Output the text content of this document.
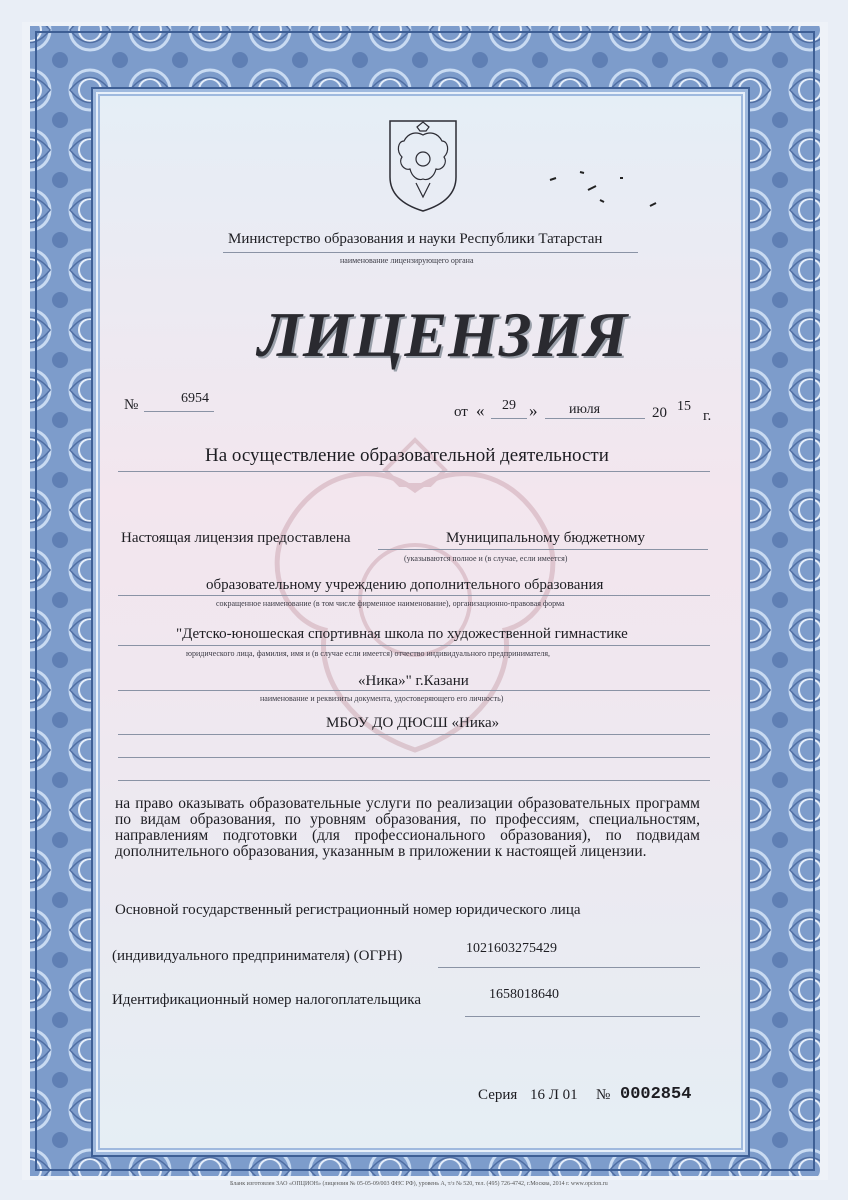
Министерство образования и науки Республики Татарстан
наименование лицензирующего органа
ЛИЦЕНЗИЯ
№	6954
от « 29 » июля	20 15
г.
На осуществление образовательной деятельности
Настоящая лицензия предоставлена	Муниципальному бюджетному
(указываются полное и (в случае, если имеется)
образовательному учреждению дополнительного образования
сокращенное наименование (в том числе фирменное наименование), организационно-правовая форма
"Детско-юношеская спортивная школа по художественной гимнастике
юридического лица, фамилия, имя и (в случае если имеется) отчество индивидуального предпринимателя,
«Ника»" г.Казани
наименование и реквизиты документа, удостоверяющего его личность)
МБОУ ДО ДЮСШ «Ника»
на право оказывать образовательные услуги по реализации образовательных программ по видам образования, по уровням образования, по профессиям, специальностям, направлениям подготовки (для профессионального образования), по подвидам дополнительного образования, указанным в приложении к настоящей лицензии.
Основной государственный регистрационный номер юридического лица
(индивидуального предпринимателя) (ОГРН)	1021603275429
Идентификационный номер налогоплательщика	1658018640
Серия 16 Л 01 № 0002854
Бланк изготовлен ЗАО «ОПЦИОН» (лицензия № 05-05-09/003 ФНС РФ), уровень А, т/з № 520, тел. (495) 726-4742, г.Москва, 2014 г. www.opcion.ru
